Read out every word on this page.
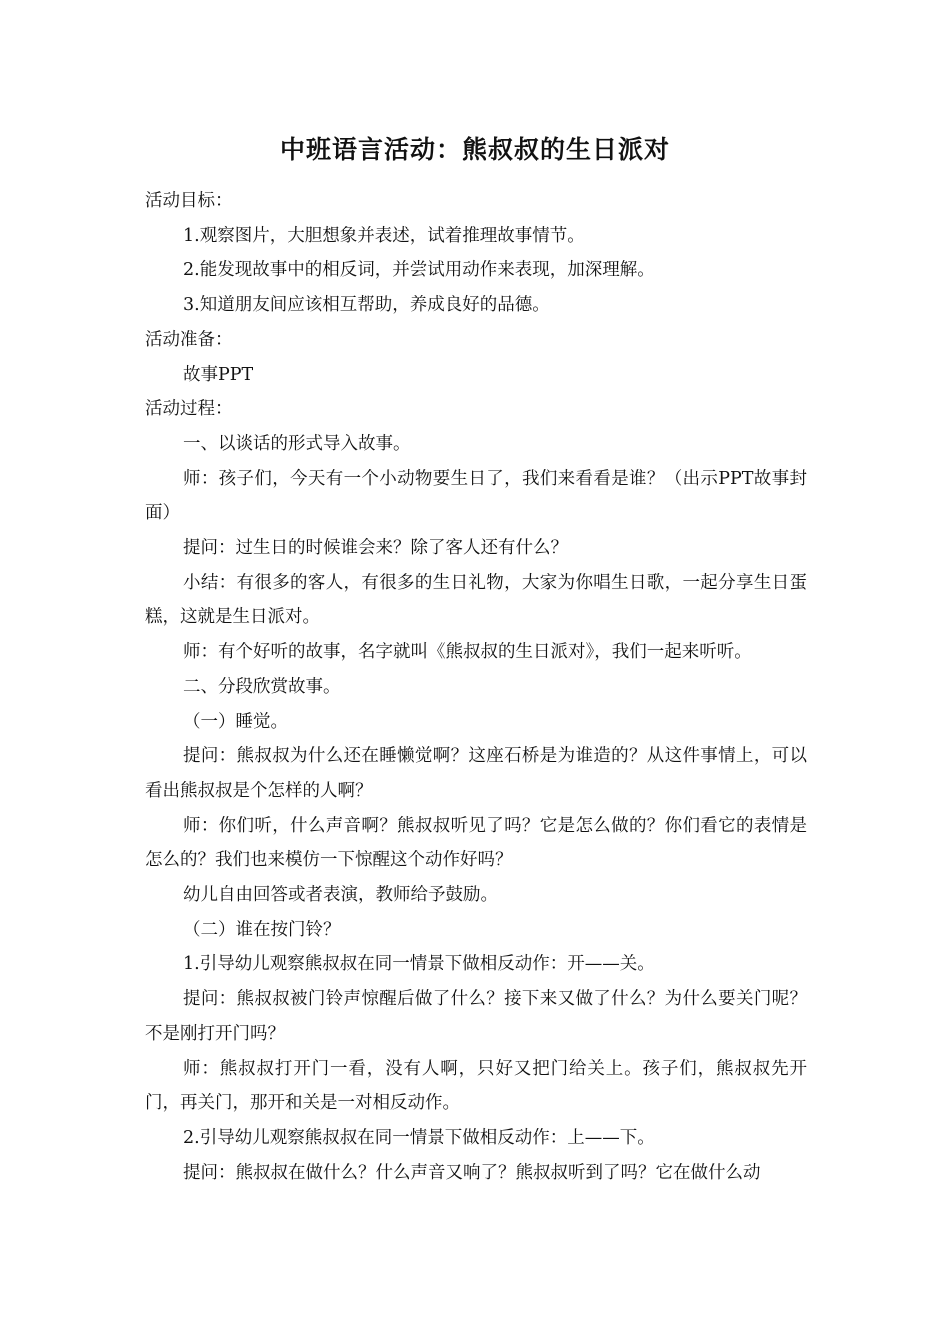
中班语言活动：熊叔叔的生日派对

活动目标：

1.观察图片，大胆想象并表述，试着推理故事情节。

2.能发现故事中的相反词，并尝试用动作来表现，加深理解。

3.知道朋友间应该相互帮助，养成良好的品德。

活动准备：

故事PPT

活动过程：

一、以谈话的形式导入故事。

师：孩子们，今天有一个小动物要生日了，我们来看看是谁？（出示PPT故事封面）

提问：过生日的时候谁会来？除了客人还有什么？

小结：有很多的客人，有很多的生日礼物，大家为你唱生日歌，一起分享生日蛋糕，这就是生日派对。

师：有个好听的故事，名字就叫《熊叔叔的生日派对》，我们一起来听听。

二、分段欣赏故事。

（一）睡觉。

提问：熊叔叔为什么还在睡懒觉啊？这座石桥是为谁造的？从这件事情上，可以看出熊叔叔是个怎样的人啊？

师：你们听，什么声音啊？熊叔叔听见了吗？它是怎么做的？你们看它的表情是怎么的？我们也来模仿一下惊醒这个动作好吗？

幼儿自由回答或者表演，教师给予鼓励。

（二）谁在按门铃？

1.引导幼儿观察熊叔叔在同一情景下做相反动作：开——关。

提问：熊叔叔被门铃声惊醒后做了什么？接下来又做了什么？为什么要关门呢？不是刚打开门吗？

师：熊叔叔打开门一看，没有人啊，只好又把门给关上。孩子们，熊叔叔先开门，再关门，那开和关是一对相反动作。

2.引导幼儿观察熊叔叔在同一情景下做相反动作：上——下。

提问：熊叔叔在做什么？什么声音又响了？熊叔叔听到了吗？它在做什么动
